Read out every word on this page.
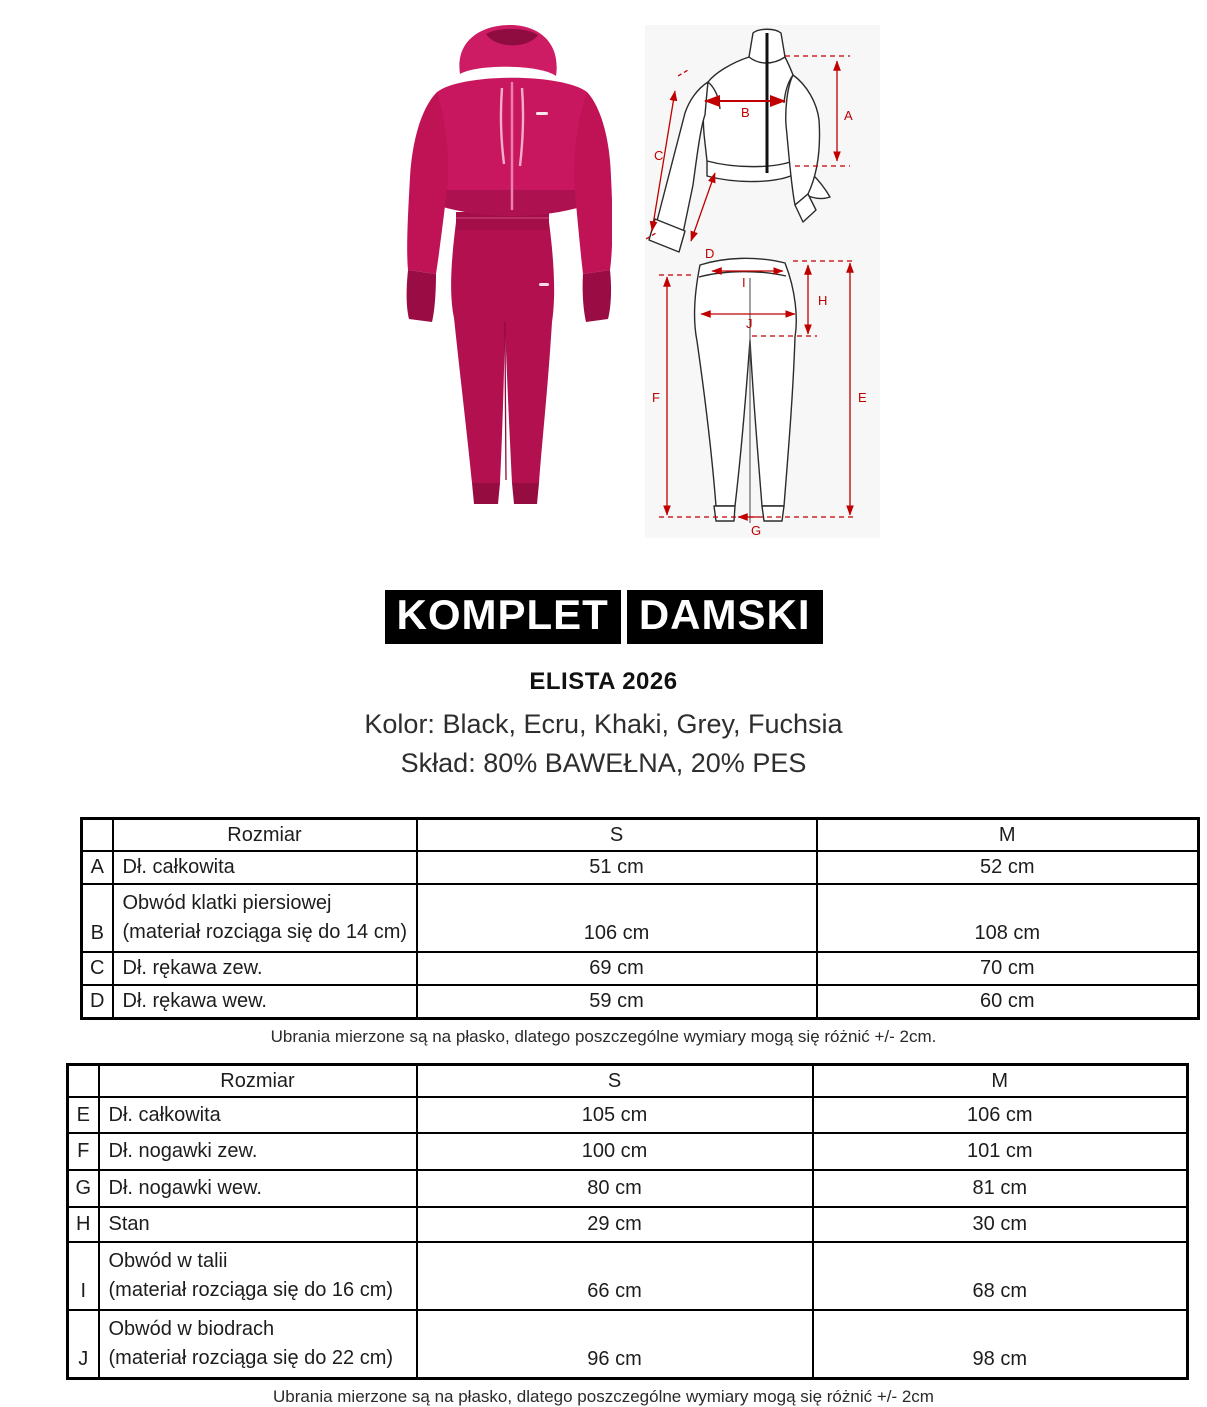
A
B
C
D
I
H
J
F	E
G
KOMPLET DAMSKI
ELISTA 2026
Kolor: Black, Ecru, Khaki, Grey, Fuchsia
Skład: 80% BAWEŁNA, 20% PES
	Rozmiar	S	M
A	Dł. całkowita	51 cm	52 cm
B	Obwód klatki piersiowej
(materiał rozciąga się do 14 cm)	106 cm	108 cm
C	Dł. rękawa zew.	69 cm	70 cm
D	Dł. rękawa wew.	59 cm	60 cm
Ubrania mierzone są na płasko, dlatego poszczególne wymiary mogą się różnić +/- 2cm.
	Rozmiar	S	M
E	Dł. całkowita	105 cm	106 cm
F	Dł. nogawki zew.	100 cm	101 cm
G	Dł. nogawki wew.	80 cm	81 cm
H	Stan	29 cm	30 cm
I	Obwód w talii
(materiał rozciąga się do 16 cm)	66 cm	68 cm
J	Obwód w biodrach
(materiał rozciąga się do 22 cm)	96 cm	98 cm
Ubrania mierzone są na płasko, dlatego poszczególne wymiary mogą się różnić +/- 2cm
